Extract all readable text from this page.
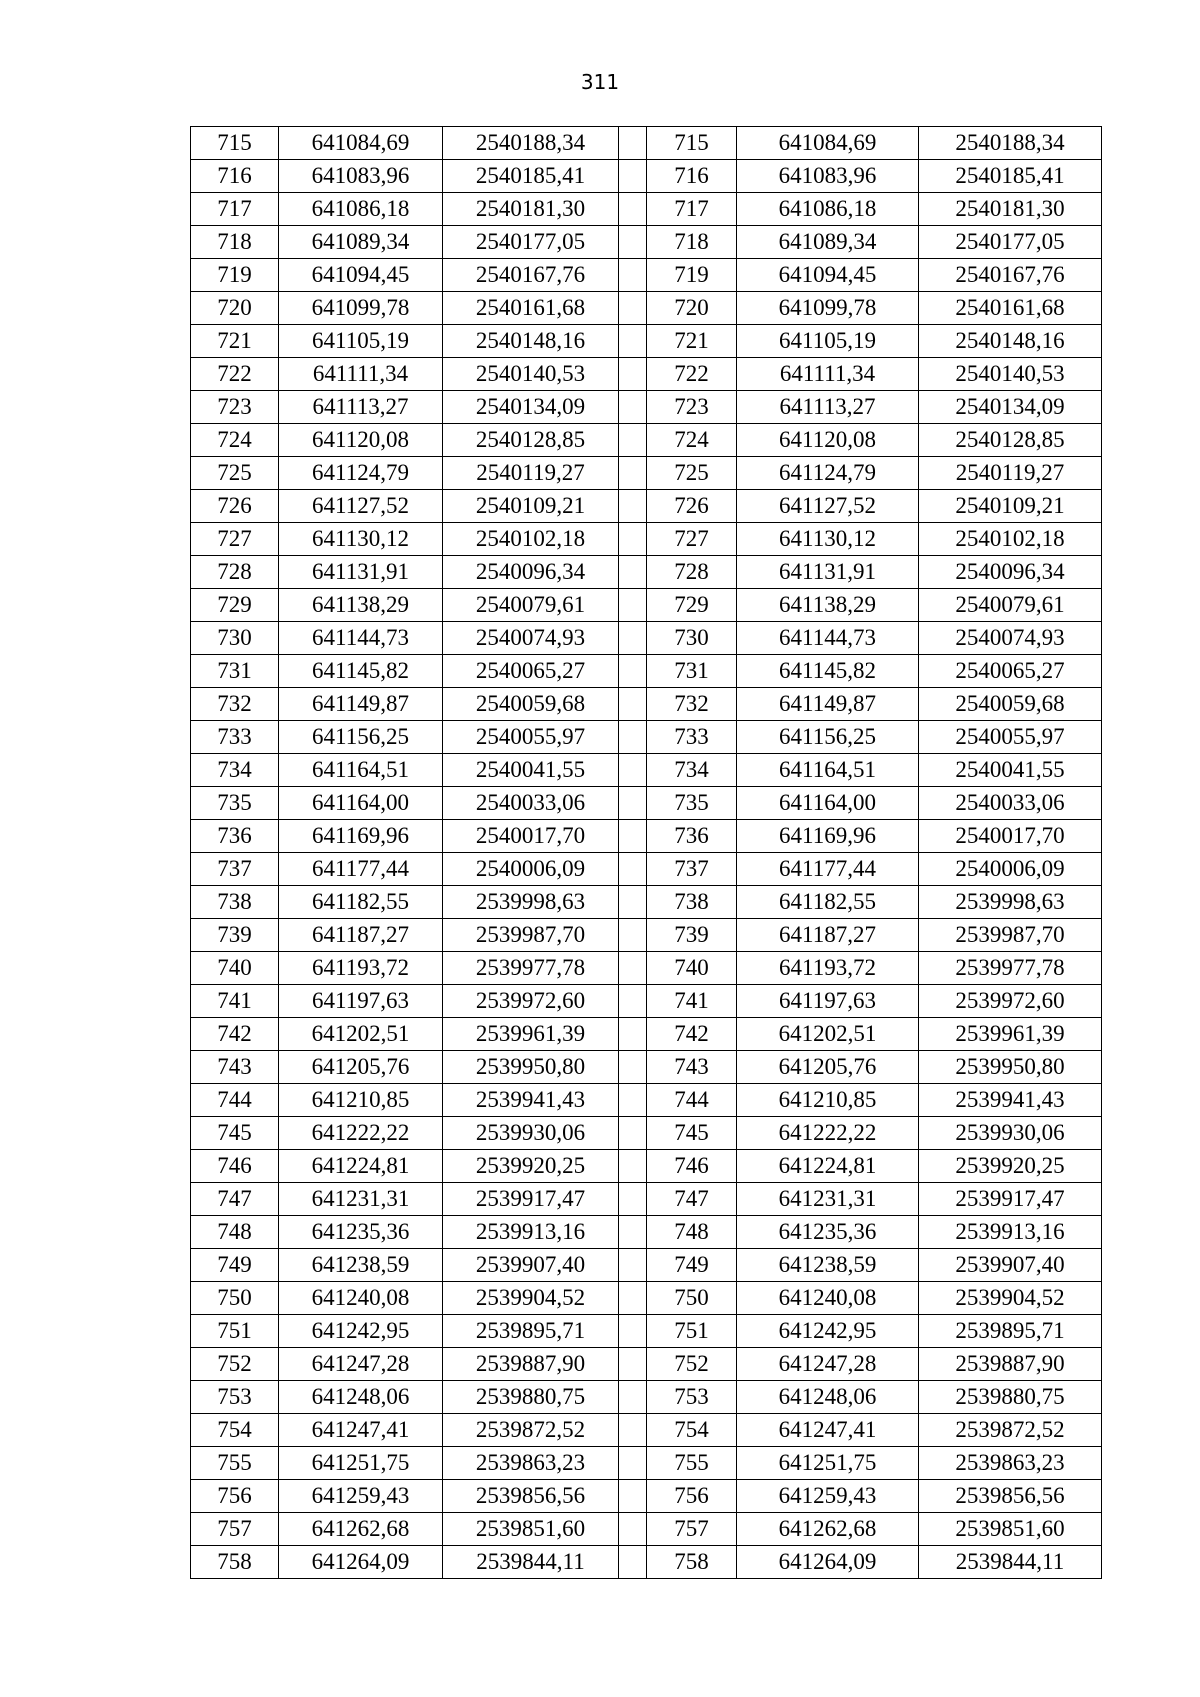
311
715	641084,69	2540188,34		715	641084,69	2540188,34
716	641083,96	2540185,41		716	641083,96	2540185,41
717	641086,18	2540181,30		717	641086,18	2540181,30
718	641089,34	2540177,05		718	641089,34	2540177,05
719	641094,45	2540167,76		719	641094,45	2540167,76
720	641099,78	2540161,68		720	641099,78	2540161,68
721	641105,19	2540148,16		721	641105,19	2540148,16
722	641111,34	2540140,53		722	641111,34	2540140,53
723	641113,27	2540134,09		723	641113,27	2540134,09
724	641120,08	2540128,85		724	641120,08	2540128,85
725	641124,79	2540119,27		725	641124,79	2540119,27
726	641127,52	2540109,21		726	641127,52	2540109,21
727	641130,12	2540102,18		727	641130,12	2540102,18
728	641131,91	2540096,34		728	641131,91	2540096,34
729	641138,29	2540079,61		729	641138,29	2540079,61
730	641144,73	2540074,93		730	641144,73	2540074,93
731	641145,82	2540065,27		731	641145,82	2540065,27
732	641149,87	2540059,68		732	641149,87	2540059,68
733	641156,25	2540055,97		733	641156,25	2540055,97
734	641164,51	2540041,55		734	641164,51	2540041,55
735	641164,00	2540033,06		735	641164,00	2540033,06
736	641169,96	2540017,70		736	641169,96	2540017,70
737	641177,44	2540006,09		737	641177,44	2540006,09
738	641182,55	2539998,63		738	641182,55	2539998,63
739	641187,27	2539987,70		739	641187,27	2539987,70
740	641193,72	2539977,78		740	641193,72	2539977,78
741	641197,63	2539972,60		741	641197,63	2539972,60
742	641202,51	2539961,39		742	641202,51	2539961,39
743	641205,76	2539950,80		743	641205,76	2539950,80
744	641210,85	2539941,43		744	641210,85	2539941,43
745	641222,22	2539930,06		745	641222,22	2539930,06
746	641224,81	2539920,25		746	641224,81	2539920,25
747	641231,31	2539917,47		747	641231,31	2539917,47
748	641235,36	2539913,16		748	641235,36	2539913,16
749	641238,59	2539907,40		749	641238,59	2539907,40
750	641240,08	2539904,52		750	641240,08	2539904,52
751	641242,95	2539895,71		751	641242,95	2539895,71
752	641247,28	2539887,90		752	641247,28	2539887,90
753	641248,06	2539880,75		753	641248,06	2539880,75
754	641247,41	2539872,52		754	641247,41	2539872,52
755	641251,75	2539863,23		755	641251,75	2539863,23
756	641259,43	2539856,56		756	641259,43	2539856,56
757	641262,68	2539851,60		757	641262,68	2539851,60
758	641264,09	2539844,11		758	641264,09	2539844,11
